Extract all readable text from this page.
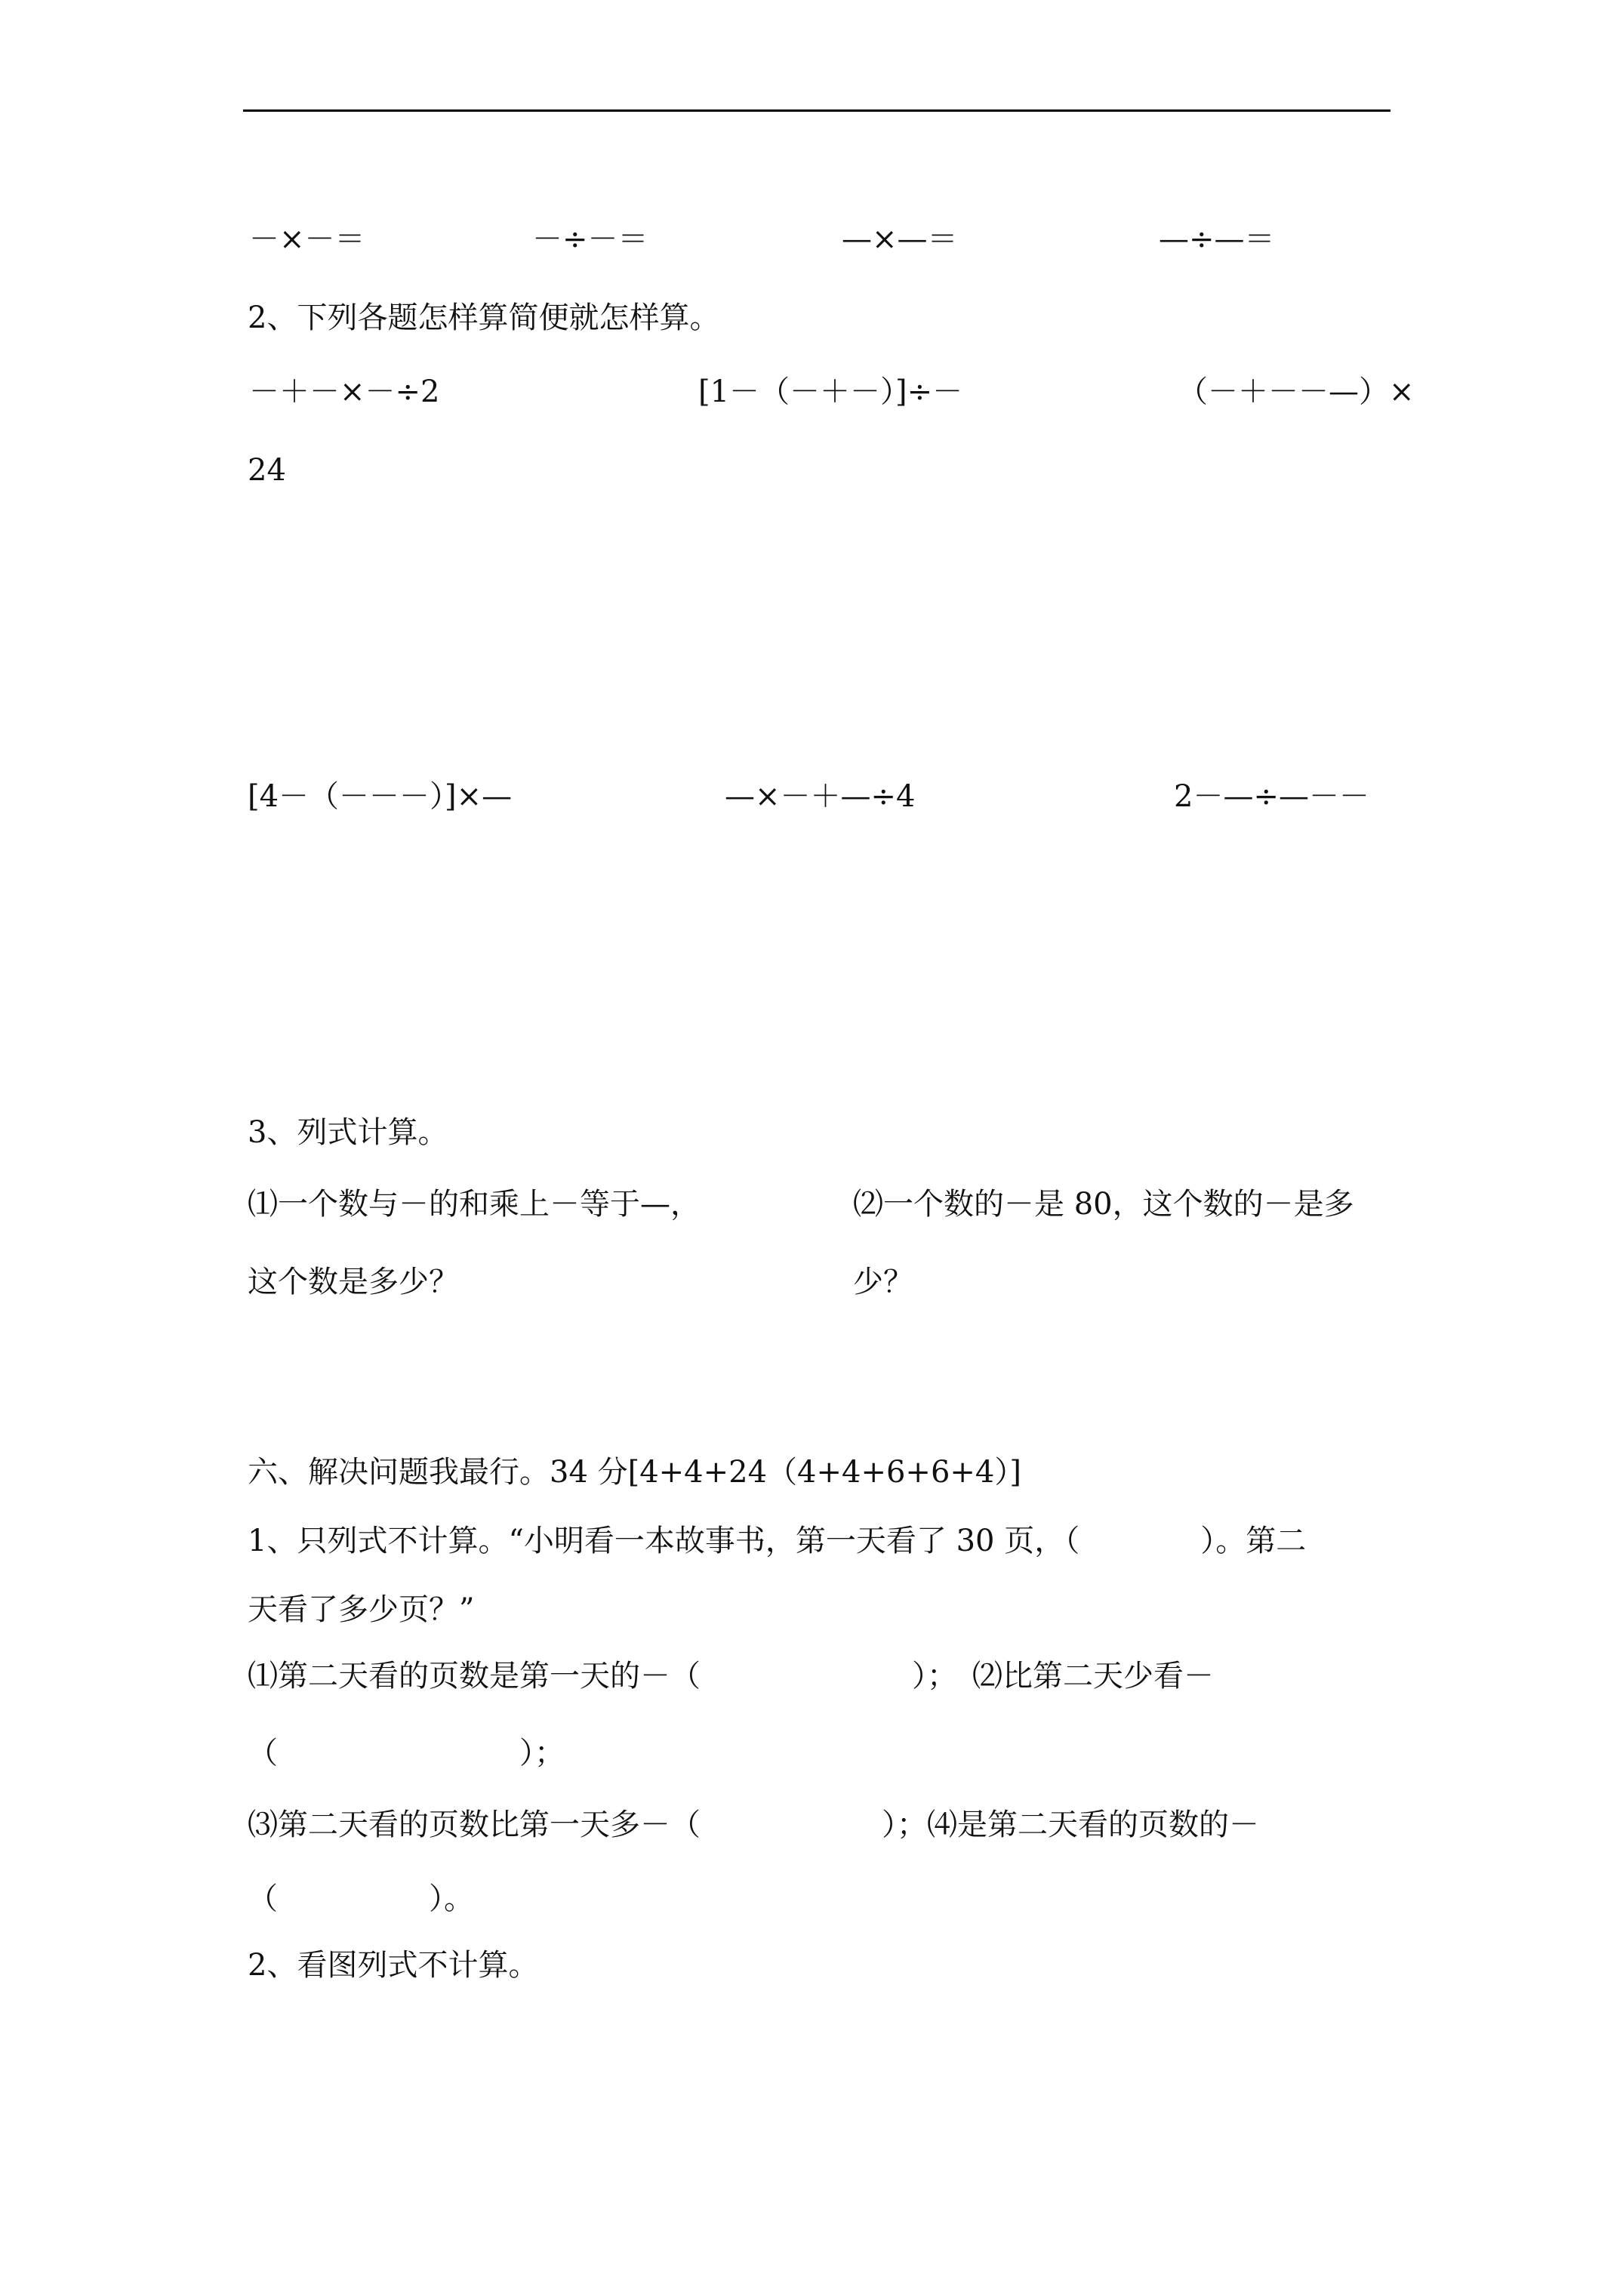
－×－＝	－÷－＝	—×—＝	—÷—＝
2、下列各题怎样算简便就怎样算。
－＋－×－÷2	[1－（－＋－）]÷－	（－＋－－—）×
24
[4－（－－－）]×—	—×－＋—÷4	2－—÷—－－
3、列式计算。
⑴一个数与－的和乘上－等于—，
这个数是多少？
⑵一个数的－是 80，这个数的－是多
少？
六、解决问题我最行。34 分[4+4+24（4+4+6+6+4）]
1、只列式不计算。“小明看一本故事书，第一天看了 30 页，（　　　　）。第二
天看了多少页？”
⑴第二天看的页数是第一天的－（　　　　　　　）；　⑵比第二天少看－
（　　　　　　　　）；
⑶第二天看的页数比第一天多－（　　　　　　）；⑷是第二天看的页数的－
（　　　　　）。
2、看图列式不计算。
